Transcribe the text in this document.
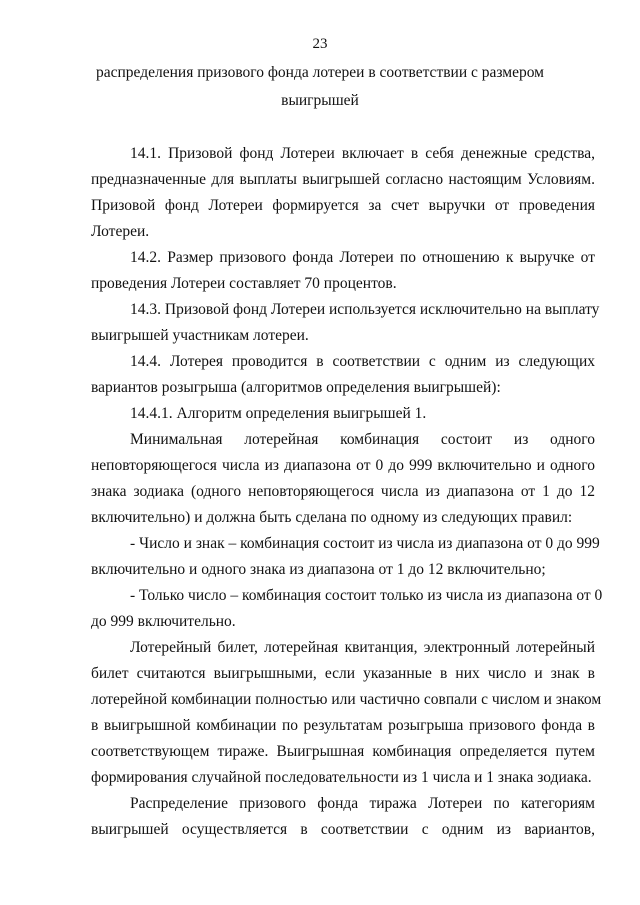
23
распределения призового фонда лотереи в соответствии с размером
выигрышей
14.1. Призовой фонд Лотереи включает в себя денежные средства,
предназначенные для выплаты выигрышей согласно настоящим Условиям.
Призовой фонд Лотереи формируется за счет выручки от проведения
Лотереи.
14.2. Размер призового фонда Лотереи по отношению к выручке от
проведения Лотереи составляет 70 процентов.
14.3. Призовой фонд Лотереи используется исключительно на выплату
выигрышей участникам лотереи.
14.4. Лотерея проводится в соответствии с одним из следующих
вариантов розыгрыша (алгоритмов определения выигрышей):
14.4.1. Алгоритм определения выигрышей 1.
Минимальная лотерейная комбинация состоит из одного
неповторяющегося числа из диапазона от 0 до 999 включительно и одного
знака зодиака (одного неповторяющегося числа из диапазона от 1 до 12
включительно) и должна быть сделана по одному из следующих правил:
- Число и знак – комбинация состоит из числа из диапазона от 0 до 999
включительно и одного знака из диапазона от 1 до 12 включительно;
- Только число – комбинация состоит только из числа из диапазона от 0
до 999 включительно.
Лотерейный билет, лотерейная квитанция, электронный лотерейный
билет считаются выигрышными, если указанные в них число и знак в
лотерейной комбинации полностью или частично совпали с числом и знаком
в выигрышной комбинации по результатам розыгрыша призового фонда в
соответствующем тираже. Выигрышная комбинация определяется путем
формирования случайной последовательности из 1 числа и 1 знака зодиака.
Распределение призового фонда тиража Лотереи по категориям
выигрышей осуществляется в соответствии с одним из вариантов,
